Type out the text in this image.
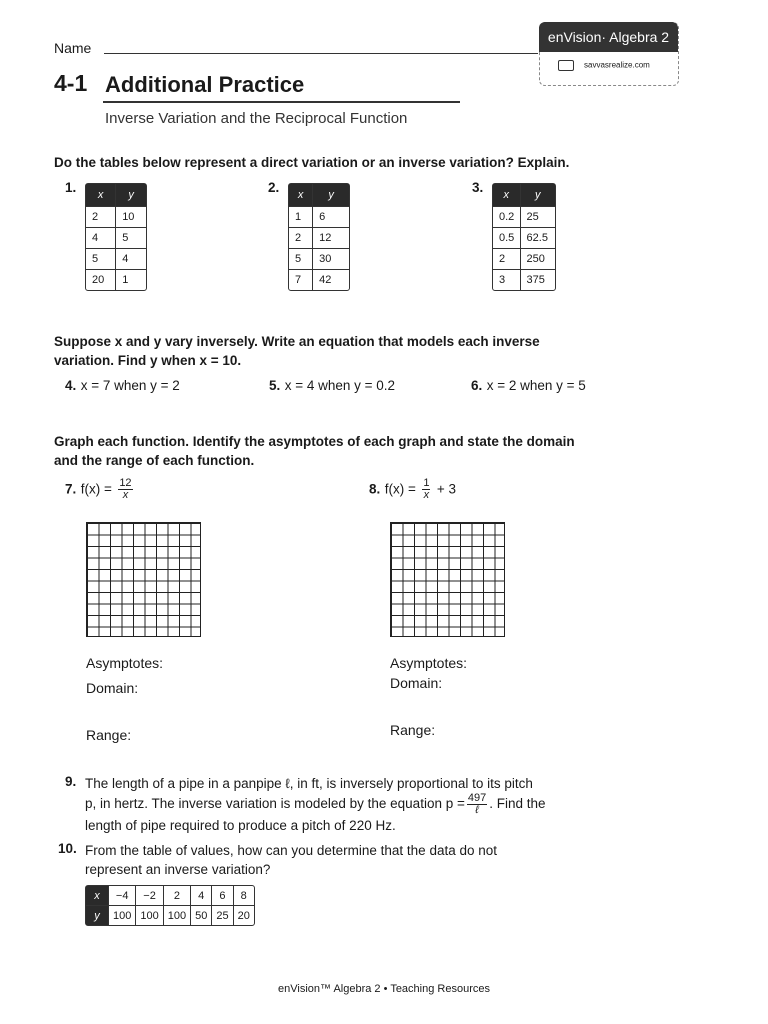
Name
enVision· Algebra 2
savvasrealize.com
4-1 Additional Practice
Inverse Variation and the Reciprocal Function
Do the tables below represent a direct variation or an inverse variation? Explain.
1. x	y
2	10
4	5
5	4
20	1
2. x	y
1	6
2	12
5	30
7	42
3. x	y
0.2	25
0.5	62.5
2	250
3	375
Suppose x and y vary inversely. Write an equation that models each inverse
variation. Find y when x = 10.
4. x = 7 when y = 2	5. x = 4 when y = 0.2	6. x = 2 when y = 5
Graph each function. Identify the asymptotes of each graph and state the domain
and the range of each function.
7. $f(x) = \frac{12}{x}$	8. $f(x) = \frac{1}{x} + 3$
Asymptotes:
Domain:
Range:
Asymptotes:
Domain:
Range:
9. The length of a pipe in a panpipe ℓ, in ft, is inversely proportional to its pitch
p, in hertz. The inverse variation is modeled by the equation $p = \frac{497}{\text{ℓ}}$ . Find the
length of pipe required to produce a pitch of 220 Hz.
10. From the table of values, how can you determine that the data do not
represent an inverse variation?
x	−4	−2	2	4	6	8
y	100	100	100	50	25	20
enVision™ Algebra 2 • Teaching Resources
